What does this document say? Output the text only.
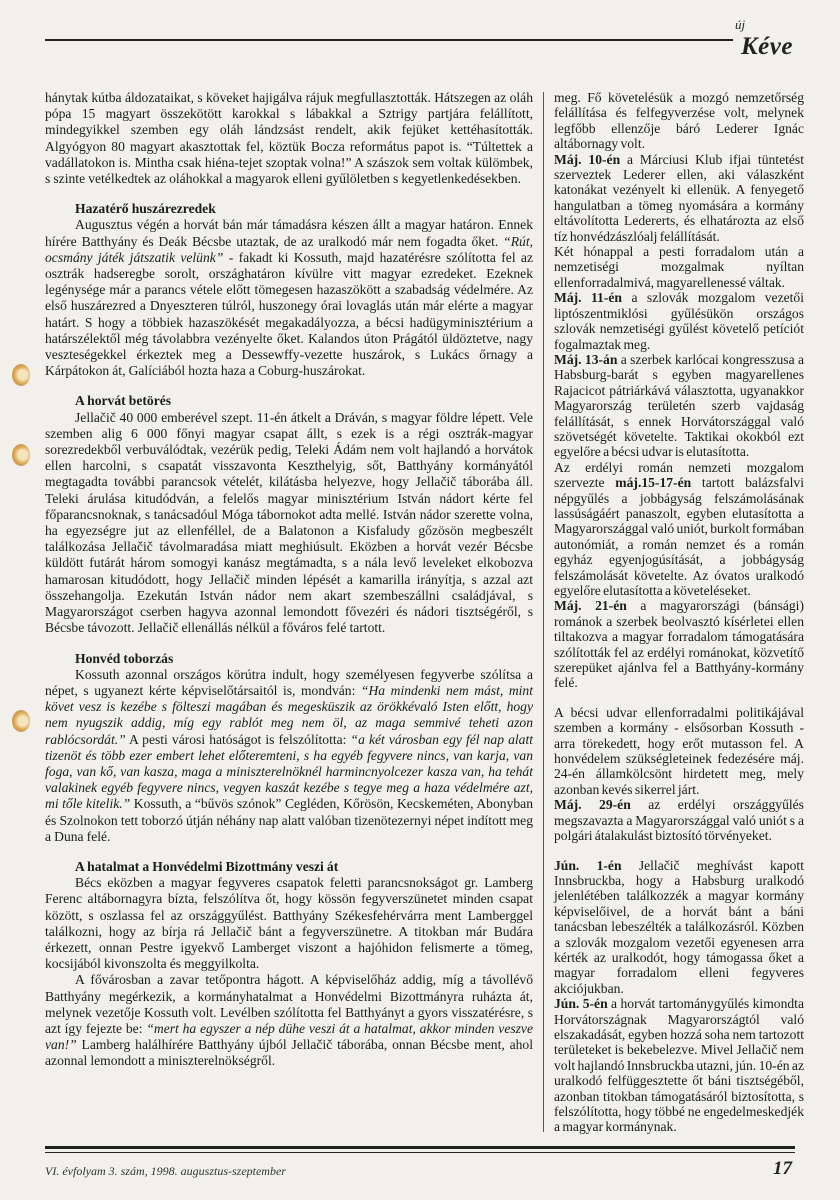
új
Kéve

hánytak kútba áldozataikat, s köveket hajigálva rájuk megfullasztották. Hátszegen az oláh pópa 15 magyart összekötött karokkal s lábakkal a Sztrigy partjára felállított, mindegyikkel szemben egy oláh lándzsást rendelt, akik fejüket kettéhasították. Algyógyon 80 magyart akasztottak fel, köztük Bocza református papot is. “Túltettek a vadállatokon is. Mintha csak hiéna-tejet szoptak volna!” A szászok sem voltak külömbek, s szinte vetélkedtek az oláhokkal a magyarok elleni gyűlöletben s kegyetlenkedésekben.

Hazatérő huszárezredek

Augusztus végén a horvát bán már támadásra készen állt a magyar határon. Ennek hírére Batthyány és Deák Bécsbe utaztak, de az uralkodó már nem fogadta őket. “Rút, ocsmány játék játszatik velünk” - fakadt ki Kossuth, majd hazatérésre szólította fel az osztrák hadseregbe sorolt, országhatáron kívülre vitt magyar ezredeket. Ezeknek legénysége már a parancs vétele előtt tömegesen hazaszökött a szabadság védelmére. Az első huszárezred a Dnyeszteren túlról, huszonegy órai lovaglás után már elérte a magyar határt. S hogy a többiek hazaszökését megakadályozza, a bécsi hadügyminisztérium a határszélektől még távolabbra vezényelte őket. Kalandos úton Prágától üldöztetve, nagy veszteségekkel érkeztek meg a Dessewffy-vezette huszárok, s Lukács őrnagy a Kárpátokon át, Galíciából hozta haza a Coburg-huszárokat.

A horvát betörés

Jellačič 40 000 emberével szept. 11-én átkelt a Dráván, s magyar földre lépett. Vele szemben alig 6 000 főnyi magyar csapat állt, s ezek is a régi osztrák-magyar sorezredekből verbuválódtak, vezérük pedig, Teleki Ádám nem volt hajlandó a horvátok ellen harcolni, s csapatát visszavonta Keszthelyig, sőt, Batthyány kormányától megtagadta további parancsok vételét, kilátásba helyezve, hogy Jellačič táborába áll. Teleki árulása kitudódván, a felelős magyar minisztérium István nádort kérte fel főparancsnoknak, s tanácsadóul Móga tábornokot adta mellé. István nádor szerette volna, ha egyezségre jut az ellenféllel, de a Balatonon a Kisfaludy gőzösön megbeszélt találkozása Jellačič távolmaradása miatt meghiúsult. Eközben a horvát vezér Bécsbe küldött futárát három somogyi kanász megtámadta, s a nála levő leveleket elkobozva hamarosan kitudódott, hogy Jellačič minden lépését a kamarilla irányítja, s azzal azt összehangolja. Ezekután István nádor nem akart szembeszállni családjával, s Magyarországot cserben hagyva azonnal lemondott fővezéri és nádori tisztségéről, s Bécsbe távozott. Jellačič ellenállás nélkül a főváros felé tartott.

Honvéd toborzás

Kossuth azonnal országos körútra indult, hogy személyesen fegyverbe szólítsa a népet, s ugyanezt kérte képviselőtársaitól is, mondván: “Ha mindenki nem mást, mint követ vesz is kezébe s fölteszi magában és megesküszik az örökkévaló Isten előtt, hogy nem nyugszik addig, míg egy rablót meg nem öl, az maga semmivé teheti azon rablócsordát.” A pesti városi hatóságot is felszólította: “a két városban egy fél nap alatt tizenöt és több ezer embert lehet előteremteni, s ha egyéb fegyvere nincs, van karja, van foga, van kő, van kasza, maga a miniszterelnöknél harmincnyolcezer kasza van, ha tehát valakinek egyéb fegyvere nincs, vegyen kaszát kezébe s tegye meg a haza védelmére azt, mi tőle kitelik.” Kossuth, a “bűvös szónok” Cegléden, Kőrösön, Kecskeméten, Abonyban és Szolnokon tett toborzó útján néhány nap alatt valóban tizenötezernyi népet indított meg a Duna felé.

A hatalmat a Honvédelmi Bizottmány veszi át

Bécs eközben a magyar fegyveres csapatok feletti parancsnokságot gr. Lamberg Ferenc altábornagyra bízta, felszólítva őt, hogy kössön fegyverszünetet minden csapat között, s oszlassa fel az országgyűlést. Batthyány Székesfehérvárra ment Lamberggel találkozni, hogy az bírja rá Jellačič bánt a fegyverszünetre. A titokban már Budára érkezett, onnan Pestre igyekvő Lamberget viszont a hajóhidon felismerte a tömeg, kocsijából kivonszolta és meggyilkolta.

A fővárosban a zavar tetőpontra hágott. A képviselőház addig, míg a távollévő Batthyány megérkezik, a kormányhatalmat a Honvédelmi Bizottmányra ruházta át, melynek vezetője Kossuth volt. Levélben szólította fel Batthyányt a gyors visszatérésre, s azt így fejezte be: “mert ha egyszer a nép dühe veszi át a hatalmat, akkor minden veszve van!” Lamberg halálhírére Batthyány újból Jellačič táborába, onnan Bécsbe ment, ahol azonnal lemondott a miniszterelnökségről.

meg. Fő követelésük a mozgó nemzetőrség felállítása és felfegyverzése volt, melynek legfőbb ellenzője báró Lederer Ignác altábornagy volt.

Máj. 10-én a Márciusi Klub ifjai tüntetést szerveztek Lederer ellen, aki válaszként katonákat vezényelt ki ellenük. A fenyegető hangulatban a tömeg nyomására a kormány eltávolította Ledererts, és elhatározta az első tíz honvédzászlóalj felállítását.

Két hónappal a pesti forradalom után a nemzetiségi mozgalmak nyíltan ellenforradalmivá, magyarellenessé váltak.

Máj. 11-én a szlovák mozgalom vezetői liptószentmiklósi gyűlésükön országos szlovák nemzetiségi gyűlést követelő petíciót fogalmaztak meg.

Máj. 13-án a szerbek karlócai kongresszusa a Habsburg-barát s egyben magyarellenes Rajacicot pátriárkává választotta, ugyanakkor Magyarország területén szerb vajdaság felállítását, s ennek Horvátországgal való szövetségét követelte. Taktikai okokból ezt egyelőre a bécsi udvar is elutasította.

Az erdélyi román nemzeti mozgalom szervezte máj.15-17-én tartott balázsfalvi népgyűlés a jobbágyság felszámolásának lassúságáért panaszolt, egyben elutasította a Magyarországgal való uniót, burkolt formában autonómiát, a román nemzet és a román egyház egyenjogúsítását, a jobbágyság felszámolását követelte. Az óvatos uralkodó egyelőre elutasította a követeléseket.

Máj. 21-én a magyarországi (bánsági) románok a szerbek beolvasztó kísérletei ellen tiltakozva a magyar forradalom támogatására szólították fel az erdélyi románokat, közvetítő szerepüket ajánlva fel a Batthyány-kormány felé.

A bécsi udvar ellenforradalmi politikájával szemben a kormány - elsősorban Kossuth - arra törekedett, hogy erőt mutasson fel. A honvédelem szükségleteinek fedezésére máj. 24-én államkölcsönt hirdetett meg, mely azonban kevés sikerrel járt.

Máj. 29-én az erdélyi országgyűlés megszavazta a Magyarországgal való uniót s a polgári átalakulást biztosító törvényeket.

Jún. 1-én Jellačič meghívást kapott Innsbruckba, hogy a Habsburg uralkodó jelenlétében találkozzék a magyar kormány képviselőivel, de a horvát bánt a báni tanácsban lebeszélték a találkozásról. Közben a szlovák mozgalom vezetői egyenesen arra kérték az uralkodót, hogy támogassa őket a magyar forradalom elleni fegyveres akciójukban.

Jún. 5-én a horvát tartománygyűlés kimondta Horvátországnak Magyarországtól való elszakadását, egyben hozzá soha nem tartozott területeket is bekebelezve. Mivel Jellačič nem volt hajlandó Innsbruckba utazni, jún. 10-én az uralkodó felfüggesztette őt báni tisztségéből, azonban titokban támogatásáról biztosította, s felszólította, hogy többé ne engedelmeskedjék a magyar kormánynak.

VI. évfolyam 3. szám, 1998. augusztus-szeptember	17
